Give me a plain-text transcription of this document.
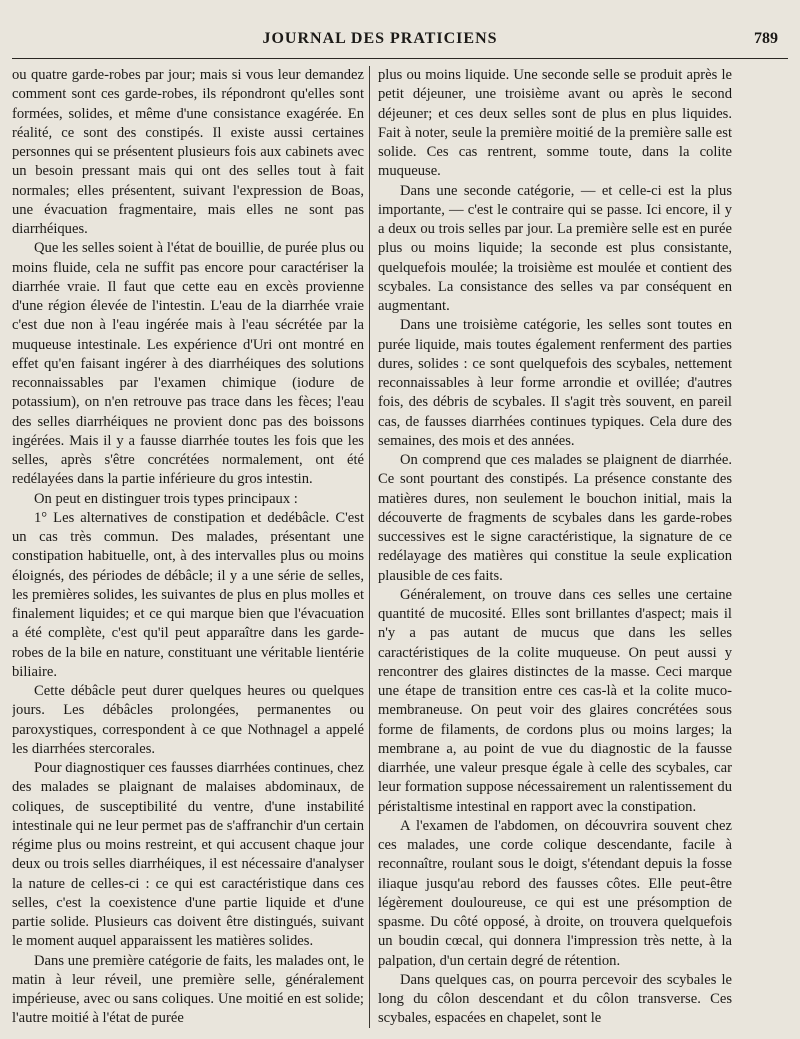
JOURNAL DES PRATICIENS	789

ou quatre garde-robes par jour; mais si vous leur demandez comment sont ces garde-robes, ils répondront qu'elles sont formées, solides, et même d'une consistance exagérée. En réalité, ce sont des constipés. Il existe aussi certaines personnes qui se présentent plusieurs fois aux cabinets avec un besoin pressant mais qui ont des selles tout à fait normales; elles présentent, suivant l'expression de Boas, une évacuation fragmentaire, mais elles ne sont pas diarrhéiques.

Que les selles soient à l'état de bouillie, de purée plus ou moins fluide, cela ne suffit pas encore pour caractériser la diarrhée vraie. Il faut que cette eau en excès provienne d'une région élevée de l'intestin. L'eau de la diarrhée vraie c'est due non à l'eau ingérée mais à l'eau sécrétée par la muqueuse intestinale. Les expérience d'Uri ont montré en effet qu'en faisant ingérer à des diarrhéiques des solutions reconnaissables par l'examen chimique (iodure de potassium), on n'en retrouve pas trace dans les fèces; l'eau des selles diarrhéiques ne provient donc pas des boissons ingérées. Mais il y a fausse diarrhée toutes les fois que les selles, après s'être concrétées normalement, ont été redélayées dans la partie inférieure du gros intestin.

On peut en distinguer trois types principaux :

1° Les alternatives de constipation et dedébâcle. C'est un cas très commun. Des malades, présentant une constipation habituelle, ont, à des intervalles plus ou moins éloignés, des périodes de débâcle; il y a une série de selles, les premières solides, les suivantes de plus en plus molles et finalement liquides; et ce qui marque bien que l'évacuation a été complète, c'est qu'il peut apparaître dans les garde-robes de la bile en nature, constituant une véritable lientérie biliaire.

Cette débâcle peut durer quelques heures ou quelques jours. Les débâcles prolongées, permanentes ou paroxystiques, correspondent à ce que Nothnagel a appelé les diarrhées stercorales.

Pour diagnostiquer ces fausses diarrhées continues, chez des malades se plaignant de malaises abdominaux, de coliques, de susceptibilité du ventre, d'une instabilité intestinale qui ne leur permet pas de s'affranchir d'un certain régime plus ou moins restreint, et qui accusent chaque jour deux ou trois selles diarrhéiques, il est nécessaire d'analyser la nature de celles-ci : ce qui est caractéristique dans ces selles, c'est la coexistence d'une partie liquide et d'une partie solide. Plusieurs cas doivent être distingués, suivant le moment auquel apparaissent les matières solides.

Dans une première catégorie de faits, les malades ont, le matin à leur réveil, une première selle, généralement impérieuse, avec ou sans coliques. Une moitié en est solide; l'autre moitié à l'état de purée

plus ou moins liquide. Une seconde selle se produit après le petit déjeuner, une troisième avant ou après le second déjeuner; et ces deux selles sont de plus en plus liquides. Fait à noter, seule la première moitié de la première salle est solide. Ces cas rentrent, somme toute, dans la colite muqueuse.

Dans une seconde catégorie, — et celle-ci est la plus importante, — c'est le contraire qui se passe. Ici encore, il y a deux ou trois selles par jour. La première selle est en purée plus ou moins liquide; la seconde est plus consistante, quelquefois moulée; la troisième est moulée et contient des scybales. La consistance des selles va par conséquent en augmentant.

Dans une troisième catégorie, les selles sont toutes en purée liquide, mais toutes également renferment des parties dures, solides : ce sont quelquefois des scybales, nettement reconnaissables à leur forme arrondie et ovillée; d'autres fois, des débris de scybales. Il s'agit très souvent, en pareil cas, de fausses diarrhées continues typiques. Cela dure des semaines, des mois et des années.

On comprend que ces malades se plaignent de diarrhée. Ce sont pourtant des constipés. La présence constante des matières dures, non seulement le bouchon initial, mais la découverte de fragments de scybales dans les garde-robes successives est le signe caractéristique, la signature de ce redélayage des matières qui constitue la seule explication plausible de ces faits.

Généralement, on trouve dans ces selles une certaine quantité de mucosité. Elles sont brillantes d'aspect; mais il n'y a pas autant de mucus que dans les selles caractéristiques de la colite muqueuse. On peut aussi y rencontrer des glaires distinctes de la masse. Ceci marque une étape de transition entre ces cas-là et la colite muco-membraneuse. On peut voir des glaires concrétées sous forme de filaments, de cordons plus ou moins larges; la membrane a, au point de vue du diagnostic de la fausse diarrhée, une valeur presque égale à celle des scybales, car leur formation suppose nécessairement un ralentissement du péristaltisme intestinal en rapport avec la constipation.

A l'examen de l'abdomen, on découvrira souvent chez ces malades, une corde colique descendante, facile à reconnaître, roulant sous le doigt, s'étendant depuis la fosse iliaque jusqu'au rebord des fausses côtes. Elle peut-être légèrement douloureuse, ce qui est une présomption de spasme. Du côté opposé, à droite, on trouvera quelquefois un boudin cœcal, qui donnera l'impression très nette, à la palpation, d'un certain degré de rétention.

Dans quelques cas, on pourra percevoir des scybales le long du côlon descendant et du côlon transverse. Ces scybales, espacées en chapelet, sont le
